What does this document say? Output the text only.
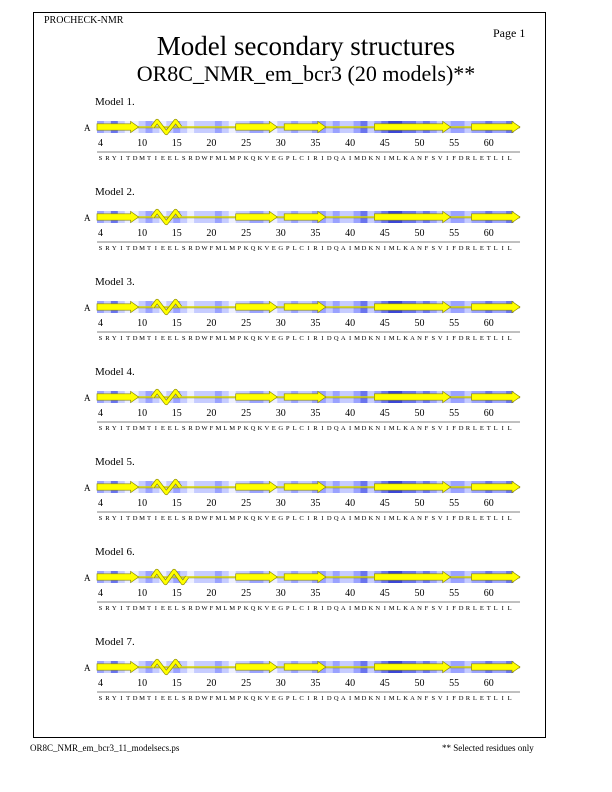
PROCHECK-NMR
Page 1
Model secondary structures
OR8C_NMR_em_bcr3 (20 models)**
4	10 15 20 25 30 35 40 45 50 55 60
S R Y I T D M T I E E L S R D W F M L M P K Q K V E G P L C I R I D Q A I M D K N I M L K A N F S V I F D R L E T L I L
Model 1.
A
4	10 15 20 25 30 35 40 45 50 55 60
S R Y I T D M T I E E L S R D W F M L M P K Q K V E G P L C I R I D Q A I M D K N I M L K A N F S V I F D R L E T L I L
Model 2.
A
4	10 15 20 25 30 35 40 45 50 55 60
S R Y I T D M T I E E L S R D W F M L M P K Q K V E G P L C I R I D Q A I M D K N I M L K A N F S V I F D R L E T L I L
Model 3.
A
4	10 15 20 25 30 35 40 45 50 55 60
S R Y I T D M T I E E L S R D W F M L M P K Q K V E G P L C I R I D Q A I M D K N I M L K A N F S V I F D R L E T L I L
Model 4.
A
4	10 15 20 25 30 35 40 45 50 55 60
S R Y I T D M T I E E L S R D W F M L M P K Q K V E G P L C I R I D Q A I M D K N I M L K A N F S V I F D R L E T L I L
Model 5.
A
4	10 15 20 25 30 35 40 45 50 55 60
S R Y I T D M T I E E L S R D W F M L M P K Q K V E G P L C I R I D Q A I M D K N I M L K A N F S V I F D R L E T L I L
Model 6.
A
4	10 15 20 25 30 35 40 45 50 55 60
S R Y I T D M T I E E L S R D W F M L M P K Q K V E G P L C I R I D Q A I M D K N I M L K A N F S V I F D R L E T L I L
Model 7.
A
OR8C_NMR_em_bcr3_11_modelsecs.ps	** Selected residues only
